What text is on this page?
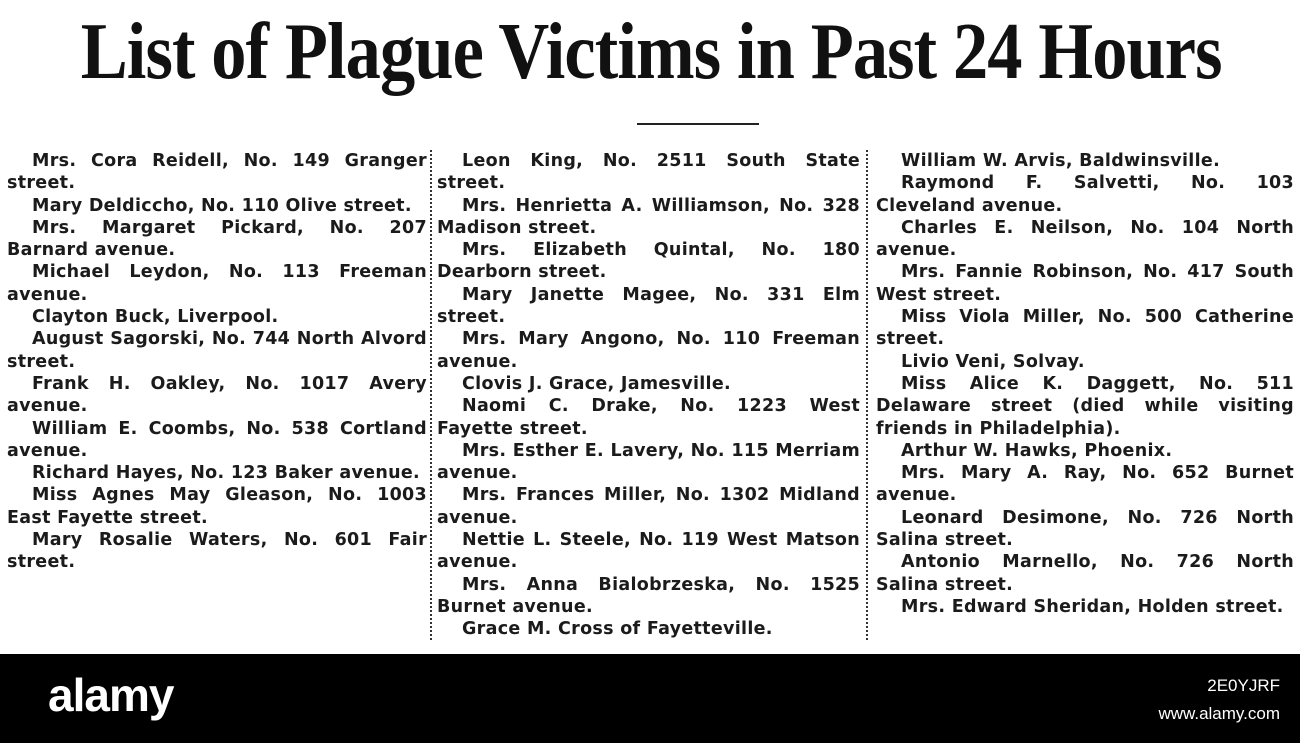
List of Plague Victims in Past 24 Hours

Mrs. Cora Reidell, No. 149 Granger street.

Mary Deldiccho, No. 110 Olive street.

Mrs. Margaret Pickard, No. 207 Barnard avenue.

Michael Leydon, No. 113 Freeman avenue.

Clayton Buck, Liverpool.

August Sagorski, No. 744 North Alvord street.

Frank H. Oakley, No. 1017 Avery avenue.

William E. Coombs, No. 538 Cortland avenue.

Richard Hayes, No. 123 Baker avenue.

Miss Agnes May Gleason, No. 1003 East Fayette street.

Mary Rosalie Waters, No. 601 Fair street.

Leon King, No. 2511 South State street.

Mrs. Henrietta A. Williamson, No. 328 Madison street.

Mrs. Elizabeth Quintal, No. 180 Dearborn street.

Mary Janette Magee, No. 331 Elm street.

Mrs. Mary Angono, No. 110 Freeman avenue.

Clovis J. Grace, Jamesville.

Naomi C. Drake, No. 1223 West Fayette street.

Mrs. Esther E. Lavery, No. 115 Merriam avenue.

Mrs. Frances Miller, No. 1302 Midland avenue.

Nettie L. Steele, No. 119 West Matson avenue.

Mrs. Anna Bialobrzeska, No. 1525 Burnet avenue.

Grace M. Cross of Fayetteville.

William W. Arvis, Baldwinsville.

Raymond F. Salvetti, No. 103 Cleveland avenue.

Charles E. Neilson, No. 104 North avenue.

Mrs. Fannie Robinson, No. 417 South West street.

Miss Viola Miller, No. 500 Catherine street.

Livio Veni, Solvay.

Miss Alice K. Daggett, No. 511 Delaware street (died while visiting friends in Philadelphia).

Arthur W. Hawks, Phoenix.

Mrs. Mary A. Ray, No. 652 Burnet avenue.

Leonard Desimone, No. 726 North Salina street.

Antonio Marnello, No. 726 North Salina street.

Mrs. Edward Sheridan, Holden street.

alamy	2E0YJRF
www.alamy.com
